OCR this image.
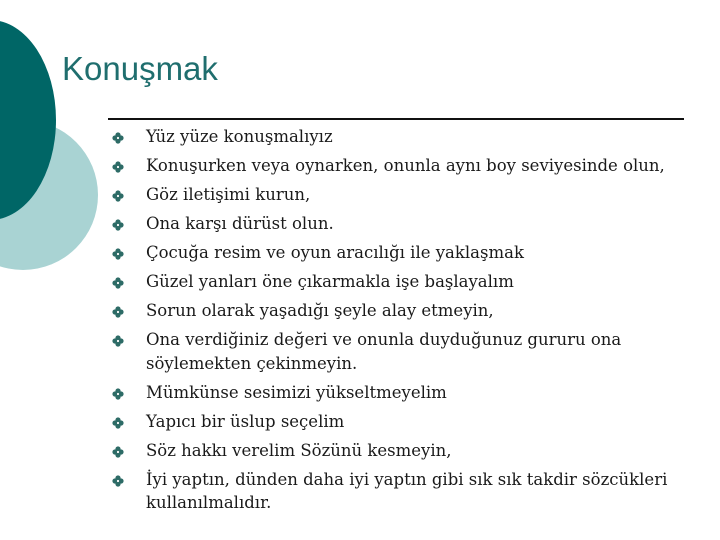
Konuşmak
Yüz yüze konuşmalıyız
Konuşurken veya oynarken, onunla aynı boy seviyesinde olun,
Göz iletişimi kurun,
Ona karşı dürüst olun.
Çocuğa resim ve oyun aracılığı ile yaklaşmak
Güzel yanları öne çıkarmakla işe başlayalım
Sorun olarak yaşadığı şeyle alay etmeyin,
Ona verdiğiniz değeri ve onunla duyduğunuz gururu ona söylemekten çekinmeyin.
Mümkünse sesimizi yükseltmeyelim
Yapıcı bir üslup seçelim
Söz hakkı verelim Sözünü kesmeyin,
İyi yaptın, dünden daha iyi yaptın gibi sık sık takdir sözcükleri kullanılmalıdır.
